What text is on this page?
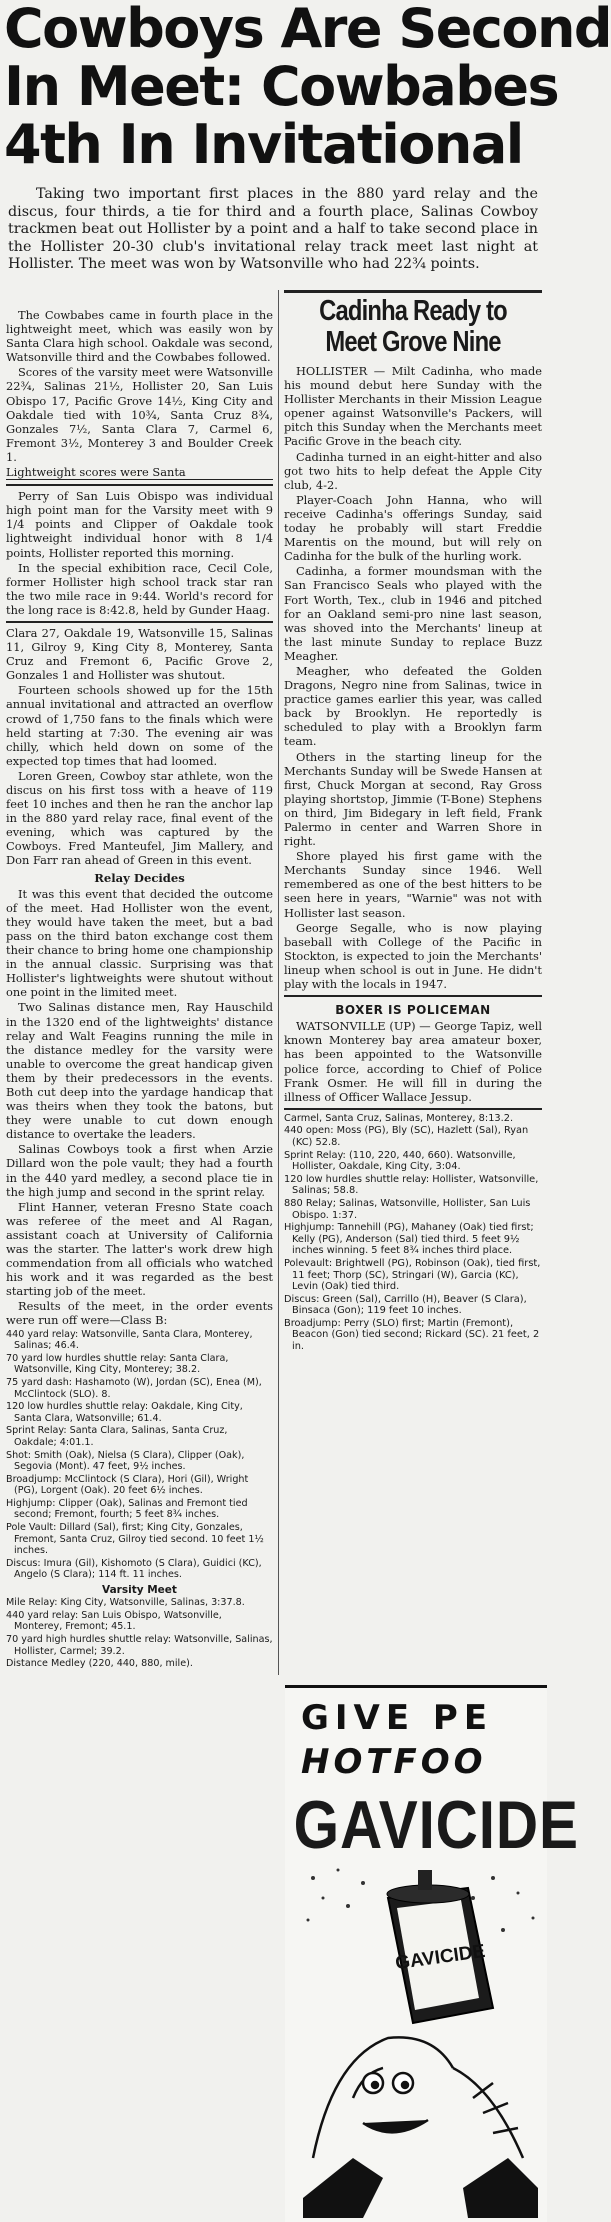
Cowboys Are Second
In Meet: Cowbabes
4th In Invitational

Taking two important first places in the 880 yard relay and the discus, four thirds, a tie for third and a fourth place, Salinas Cowboy trackmen beat out Hollister by a point and a half to take second place in the Hollister 20-30 club's invitational relay track meet last night at Hollister. The meet was won by Watsonville who had 22¾ points.

The Cowbabes came in fourth place in the lightweight meet, which was easily won by Santa Clara high school. Oakdale was second, Watsonville third and the Cowbabes followed.

Scores of the varsity meet were Watsonville 22¾, Salinas 21½, Hollister 20, San Luis Obispo 17, Pacific Grove 14½, King City and Oakdale tied with 10¾, Santa Cruz 8¾, Gonzales 7½, Santa Clara 7, Carmel 6, Fremont 3½, Monterey 3 and Boulder Creek 1.

Lightweight scores were Santa

Perry of San Luis Obispo was individual high point man for the Varsity meet with 9 1/4 points and Clipper of Oakdale took lightweight individual honor with 8 1/4 points, Hollister reported this morning.

In the special exhibition race, Cecil Cole, former Hollister high school track star ran the two mile race in 9:44. World's record for the long race is 8:42.8, held by Gunder Haag.

Clara 27, Oakdale 19, Watsonville 15, Salinas 11, Gilroy 9, King City 8, Monterey, Santa Cruz and Fremont 6, Pacific Grove 2, Gonzales 1 and Hollister was shutout.

Fourteen schools showed up for the 15th annual invitational and attracted an overflow crowd of 1,750 fans to the finals which were held starting at 7:30. The evening air was chilly, which held down on some of the expected top times that had loomed.

Loren Green, Cowboy star athlete, won the discus on his first toss with a heave of 119 feet 10 inches and then he ran the anchor lap in the 880 yard relay race, final event of the evening, which was captured by the Cowboys. Fred Manteufel, Jim Mallery, and Don Farr ran ahead of Green in this event.

Relay Decides

It was this event that decided the outcome of the meet. Had Hollister won the event, they would have taken the meet, but a bad pass on the third baton exchange cost them their chance to bring home one championship in the annual classic. Surprising was that Hollister's lightweights were shutout without one point in the limited meet.

Two Salinas distance men, Ray Hauschild in the 1320 end of the lightweights' distance relay and Walt Feagins running the mile in the distance medley for the varsity were unable to overcome the great handicap given them by their predecessors in the events. Both cut deep into the yardage handicap that was theirs when they took the batons, but they were unable to cut down enough distance to overtake the leaders.

Salinas Cowboys took a first when Arzie Dillard won the pole vault; they had a fourth in the 440 yard medley, a second place tie in the high jump and second in the sprint relay.

Flint Hanner, veteran Fresno State coach was referee of the meet and Al Ragan, assistant coach at University of California was the starter. The latter's work drew high commendation from all officials who watched his work and it was regarded as the best starting job of the meet.

Results of the meet, in the order events were run off were—Class B:

440 yard relay: Watsonville, Santa Clara, Monterey, Salinas; 46.4.

70 yard low hurdles shuttle relay: Santa Clara, Watsonville, King City, Monterey; 38.2.

75 yard dash: Hashamoto (W), Jordan (SC), Enea (M), McClintock (SLO). 8.

120 low hurdles shuttle relay: Oakdale, King City, Santa Clara, Watsonville; 61.4.

Sprint Relay: Santa Clara, Salinas, Santa Cruz, Oakdale; 4:01.1.

Shot: Smith (Oak), Nielsa (S Clara), Clipper (Oak), Segovia (Mont). 47 feet, 9½ inches.

Broadjump: McClintock (S Clara), Hori (Gil), Wright (PG), Lorgent (Oak). 20 feet 6½ inches.

Highjump: Clipper (Oak), Salinas and Fremont tied second; Fremont, fourth; 5 feet 8¾ inches.

Pole Vault: Dillard (Sal), first; King City, Gonzales, Fremont, Santa Cruz, Gilroy tied second. 10 feet 1½ inches.

Discus: Imura (Gil), Kishomoto (S Clara), Guidici (KC), Angelo (S Clara); 114 ft. 11 inches.

Varsity Meet

Mile Relay: King City, Watsonville, Salinas, 3:37.8.

440 yard relay: San Luis Obispo, Watsonville, Monterey, Fremont; 45.1.

70 yard high hurdles shuttle relay: Watsonville, Salinas, Hollister, Carmel; 39.2.

Distance Medley (220, 440, 880, mile).

Cadinha Ready to
Meet Grove Nine

HOLLISTER — Milt Cadinha, who made his mound debut here Sunday with the Hollister Merchants in their Mission League opener against Watsonville's Packers, will pitch this Sunday when the Merchants meet Pacific Grove in the beach city.

Cadinha turned in an eight-hitter and also got two hits to help defeat the Apple City club, 4-2.

Player-Coach John Hanna, who will receive Cadinha's offerings Sunday, said today he probably will start Freddie Marentis on the mound, but will rely on Cadinha for the bulk of the hurling work.

Cadinha, a former moundsman with the San Francisco Seals who played with the Fort Worth, Tex., club in 1946 and pitched for an Oakland semi-pro nine last season, was shoved into the Merchants' lineup at the last minute Sunday to replace Buzz Meagher.

Meagher, who defeated the Golden Dragons, Negro nine from Salinas, twice in practice games earlier this year, was called back by Brooklyn. He reportedly is scheduled to play with a Brooklyn farm team.

Others in the starting lineup for the Merchants Sunday will be Swede Hansen at first, Chuck Morgan at second, Ray Gross playing shortstop, Jimmie (T-Bone) Stephens on third, Jim Bidegary in left field, Frank Palermo in center and Warren Shore in right.

Shore played his first game with the Merchants Sunday since 1946. Well remembered as one of the best hitters to be seen here in years, "Warnie" was not with Hollister last season.

George Segalle, who is now playing baseball with College of the Pacific in Stockton, is expected to join the Merchants' lineup when school is out in June. He didn't play with the locals in 1947.

BOXER IS POLICEMAN

WATSONVILLE (UP) — George Tapiz, well known Monterey bay area amateur boxer, has been appointed to the Watsonville police force, according to Chief of Police Frank Osmer. He will fill in during the illness of Officer Wallace Jessup.

Carmel, Santa Cruz, Salinas, Monterey, 8:13.2.

440 open: Moss (PG), Bly (SC), Hazlett (Sal), Ryan (KC) 52.8.

Sprint Relay: (110, 220, 440, 660). Watsonville, Hollister, Oakdale, King City, 3:04.

120 low hurdles shuttle relay: Hollister, Watsonville, Salinas; 58.8.

880 Relay; Salinas, Watsonville, Hollister, San Luis Obispo. 1:37.

Highjump: Tannehill (PG), Mahaney (Oak) tied first; Kelly (PG), Anderson (Sal) tied third. 5 feet 9½ inches winning. 5 feet 8¾ inches third place.

Polevault: Brightwell (PG), Robinson (Oak), tied first, 11 feet; Thorp (SC), Stringari (W), Garcia (KC), Levin (Oak) tied third.

Discus: Green (Sal), Carrillo (H), Beaver (S Clara), Binsaca (Gon); 119 feet 10 inches.

Broadjump: Perry (SLO) first; Martin (Fremont), Beacon (Gon) tied second; Rickard (SC). 21 feet, 2 in.

GIVE PE
HOTFOO
GAVICIDE
GAVICIDE
